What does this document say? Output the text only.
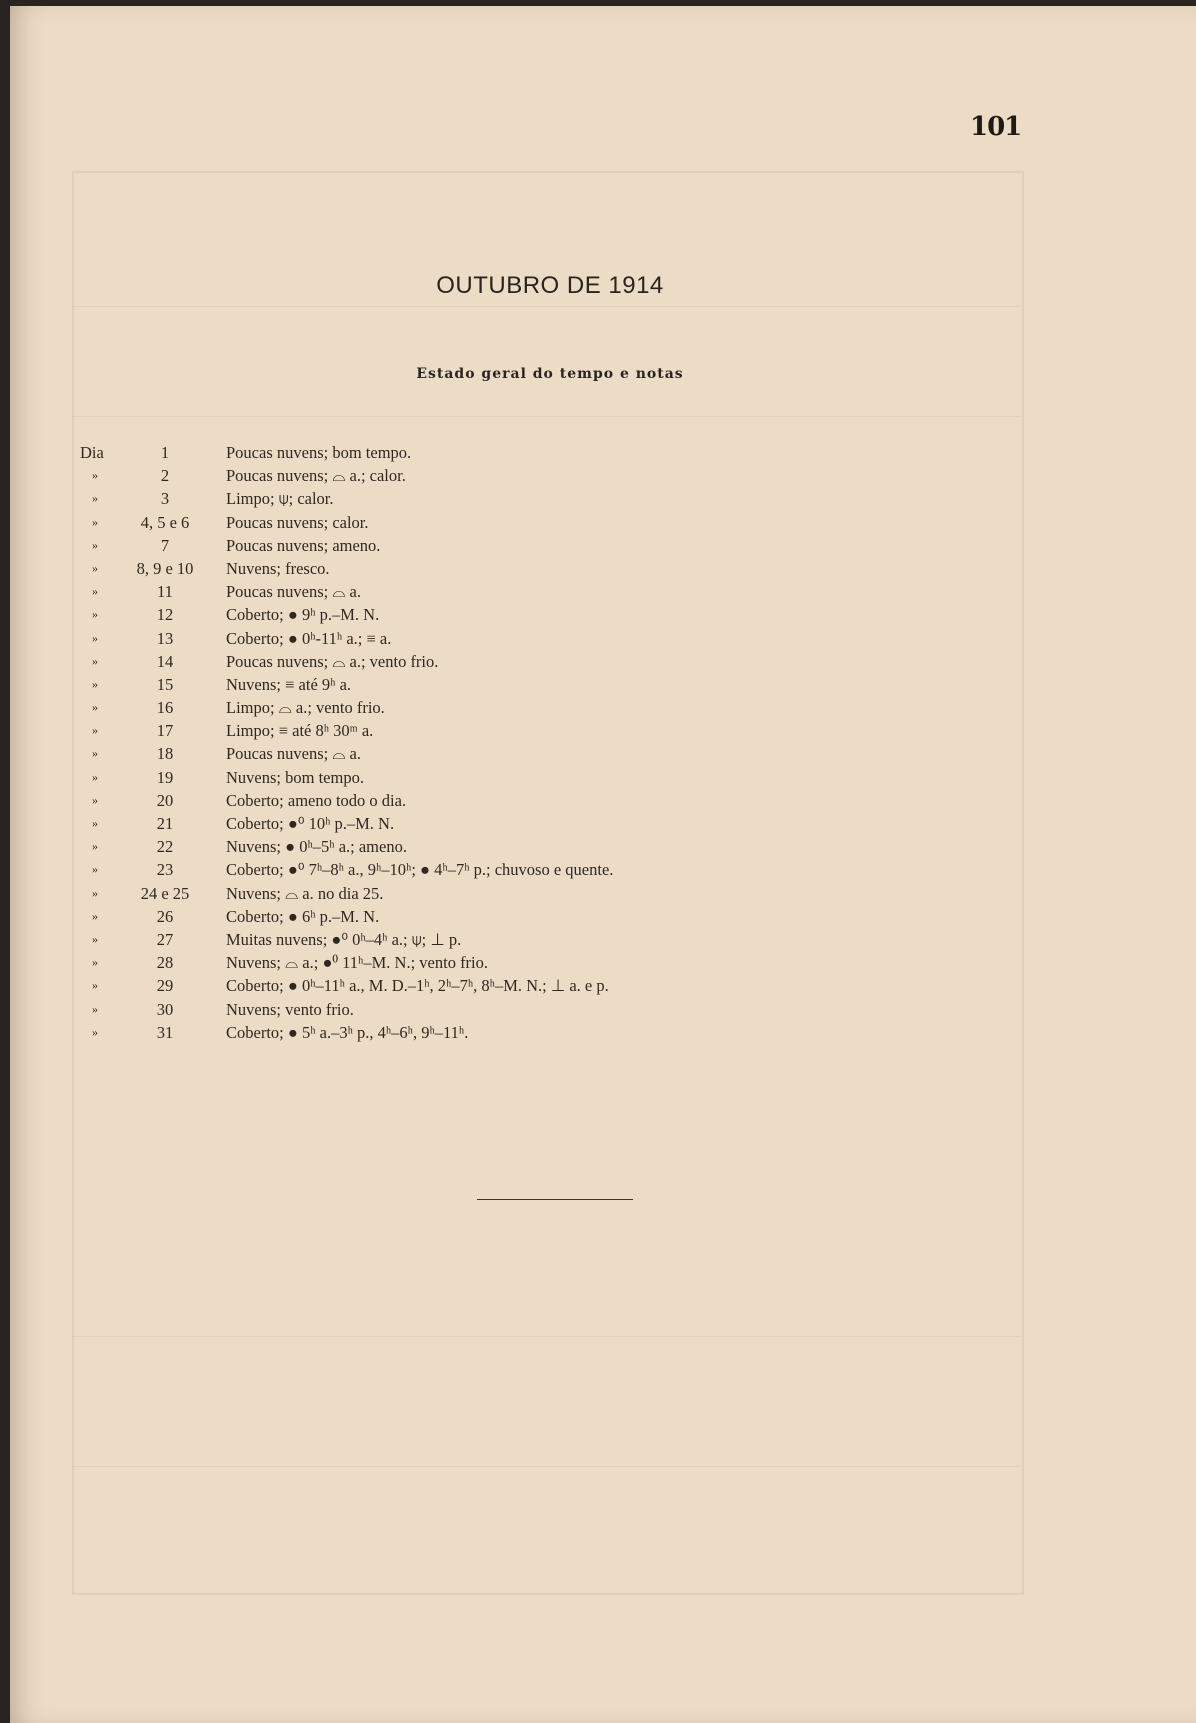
101
OUTUBRO DE 1914
Estado geral do tempo e notas
Dia	1	Poucas nuvens; bom tempo.
»	2	Poucas nuvens; ⌓ a.; calor.
»	3	Limpo; ⍦; calor.
»	4, 5 e 6	Poucas nuvens; calor.
»	7	Poucas nuvens; ameno.
»	8, 9 e 10	Nuvens; fresco.
»	11	Poucas nuvens; ⌓ a.
»	12	Coberto; ● 9ʰ p.–M. N.
»	13	Coberto; ● 0ʰ-11ʰ a.; ≡ a.
»	14	Poucas nuvens; ⌓ a.; vento frio.
»	15	Nuvens; ≡ até 9ʰ a.
»	16	Limpo; ⌓ a.; vento frio.
»	17	Limpo; ≡ até 8ʰ 30ᵐ a.
»	18	Poucas nuvens; ⌓ a.
»	19	Nuvens; bom tempo.
»	20	Coberto; ameno todo o dia.
»	21	Coberto; ●⁰ 10ʰ p.–M. N.
»	22	Nuvens; ● 0ʰ–5ʰ a.; ameno.
»	23	Coberto; ●⁰ 7ʰ–8ʰ a., 9ʰ–10ʰ; ● 4ʰ–7ʰ p.; chuvoso e quente.
»	24 e 25	Nuvens; ⌓ a. no dia 25.
»	26	Coberto; ● 6ʰ p.–M. N.
»	27	Muitas nuvens; ●⁰ 0ʰ–4ʰ a.; ⍦; ⊥ p.
»	28	Nuvens; ⌓ a.; ●⁰ 11ʰ–M. N.; vento frio.
»	29	Coberto; ● 0ʰ–11ʰ a., M. D.–1ʰ, 2ʰ–7ʰ, 8ʰ–M. N.; ⊥ a. e p.
»	30	Nuvens; vento frio.
»	31	Coberto; ● 5ʰ a.–3ʰ p., 4ʰ–6ʰ, 9ʰ–11ʰ.
